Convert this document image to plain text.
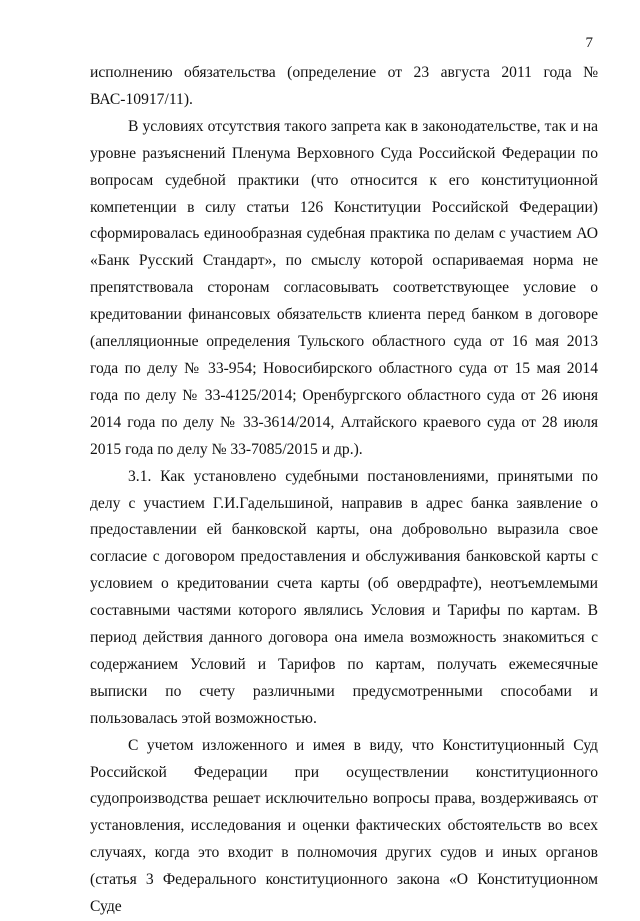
7

исполнению обязательства (определение от 23 августа 2011 года № ВАС-10917/11).

В условиях отсутствия такого запрета как в законодательстве, так и на уровне разъяснений Пленума Верховного Суда Российской Федерации по вопросам судебной практики (что относится к его конституционной компетенции в силу статьи 126 Конституции Российской Федерации) сформировалась единообразная судебная практика по делам с участием АО «Банк Русский Стандарт», по смыслу которой оспариваемая норма не препятствовала сторонам согласовывать соответствующее условие о кредитовании финансовых обязательств клиента перед банком в договоре (апелляционные определения Тульского областного суда от 16 мая 2013 года по делу № 33-954; Новосибирского областного суда от 15 мая 2014 года по делу № 33-4125/2014; Оренбургского областного суда от 26 июня 2014 года по делу № 33-3614/2014, Алтайского краевого суда от 28 июля 2015 года по делу № 33-7085/2015 и др.).

3.1. Как установлено судебными постановлениями, принятыми по делу с участием Г.И.Гадельшиной, направив в адрес банка заявление о предоставлении ей банковской карты, она добровольно выразила свое согласие с договором предоставления и обслуживания банковской карты с условием о кредитовании счета карты (об овердрафте), неотъемлемыми составными частями которого являлись Условия и Тарифы по картам. В период действия данного договора она имела возможность знакомиться с содержанием Условий и Тарифов по картам, получать ежемесячные выписки по счету различными предусмотренными способами и пользовалась этой возможностью.

С учетом изложенного и имея в виду, что Конституционный Суд Российской Федерации при осуществлении конституционного судопроизводства решает исключительно вопросы права, воздерживаясь от установления, исследования и оценки фактических обстоятельств во всех случаях, когда это входит в полномочия других судов и иных органов (статья 3 Федерального конституционного закона «О Конституционном Суде
